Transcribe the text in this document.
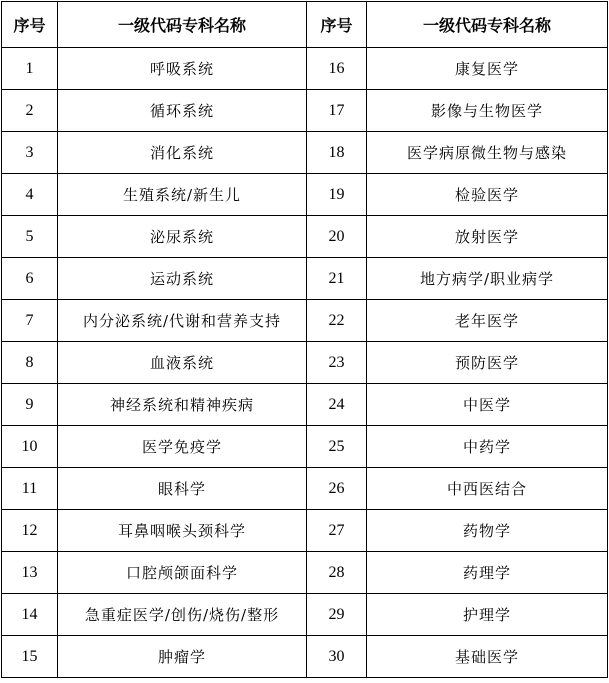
序号	一级代码专科名称	序号	一级代码专科名称
1	呼吸系统	16	康复医学
2	循环系统	17	影像与生物医学
3	消化系统	18	医学病原微生物与感染
4	生殖系统/新生儿	19	检验医学
5	泌尿系统	20	放射医学
6	运动系统	21	地方病学/职业病学
7	内分泌系统/代谢和营养支持	22	老年医学
8	血液系统	23	预防医学
9	神经系统和精神疾病	24	中医学
10	医学免疫学	25	中药学
11	眼科学	26	中西医结合
12	耳鼻咽喉头颈科学	27	药物学
13	口腔颅颌面科学	28	药理学
14	急重症医学/创伤/烧伤/整形	29	护理学
15	肿瘤学	30	基础医学
